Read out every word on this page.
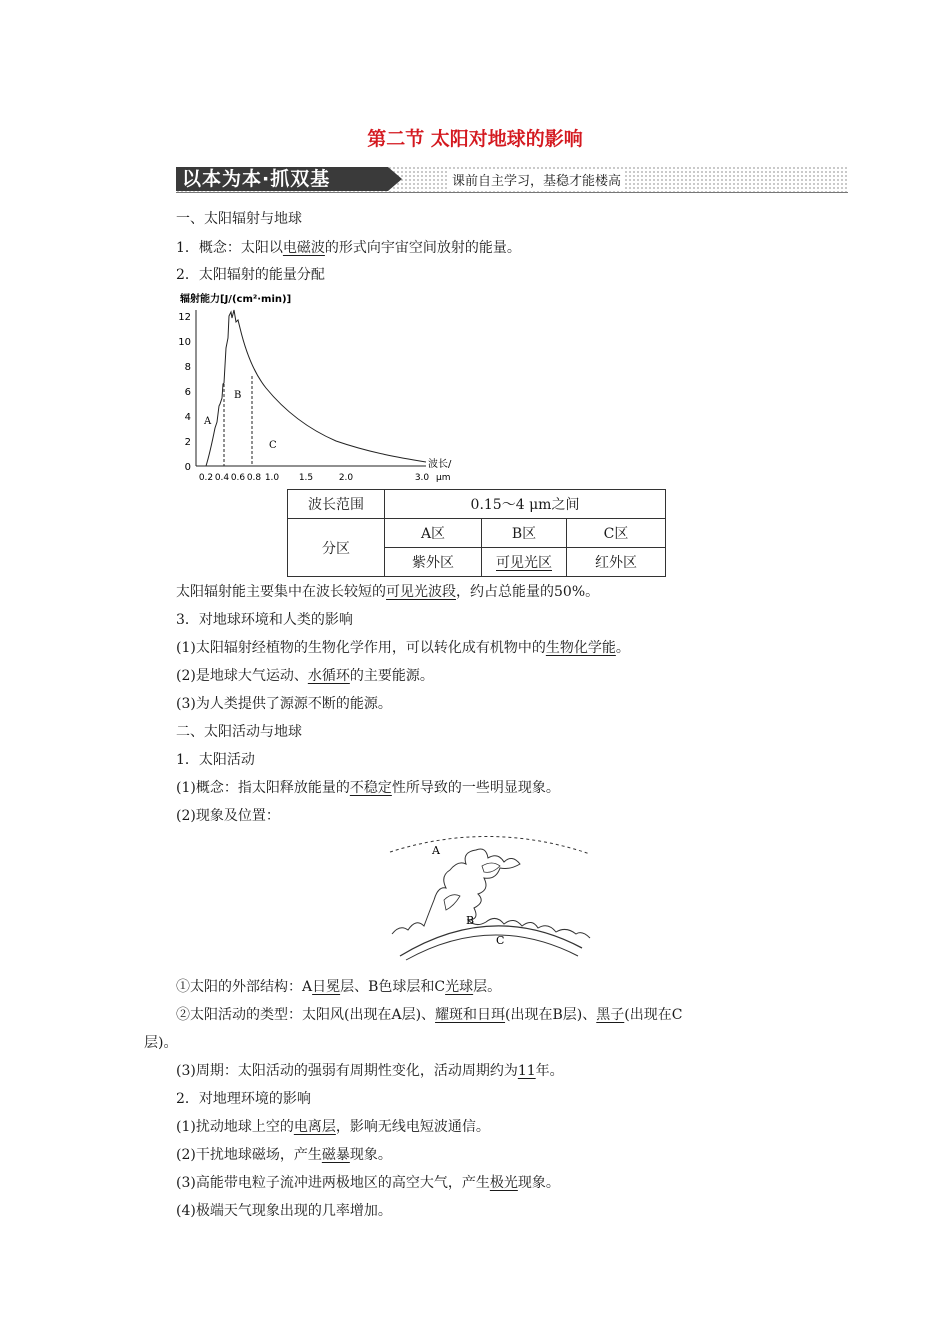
第二节 太阳对地球的影响
以本为本·抓双基	课前自主学习，基稳才能楼高
一、太阳辐射与地球
1．概念：太阳以电磁波的形式向宇宙空间放射的能量。
2．太阳辐射的能量分配
辐射能力[J/(cm²·min)]
12
10
8
6
4
2
0
0.2 0.4 0.6 0.8 1.0 1.5	2.0	3.0
波长/
μm
A
B
C
波长范围	0.15～4 μm之间		
分区	A区	B区	C区
	紫外区	可见光区	红外区
太阳辐射能主要集中在波长较短的可见光波段，约占总能量的50%。
3．对地球环境和人类的影响
(1)太阳辐射经植物的生物化学作用，可以转化成有机物中的生物化学能。
(2)是地球大气运动、水循环的主要能源。
(3)为人类提供了源源不断的能源。
二、太阳活动与地球
1．太阳活动
(1)概念：指太阳释放能量的不稳定性所导致的一些明显现象。
(2)现象及位置：
A
B
C
①太阳的外部结构：A日冕层、B色球层和C光球层。
②太阳活动的类型：太阳风(出现在A层)、耀斑和日珥(出现在B层)、黑子(出现在C
层)。
(3)周期：太阳活动的强弱有周期性变化，活动周期约为11年。
2．对地理环境的影响
(1)扰动地球上空的电离层，影响无线电短波通信。
(2)干扰地球磁场，产生磁暴现象。
(3)高能带电粒子流冲进两极地区的高空大气，产生极光现象。
(4)极端天气现象出现的几率增加。
